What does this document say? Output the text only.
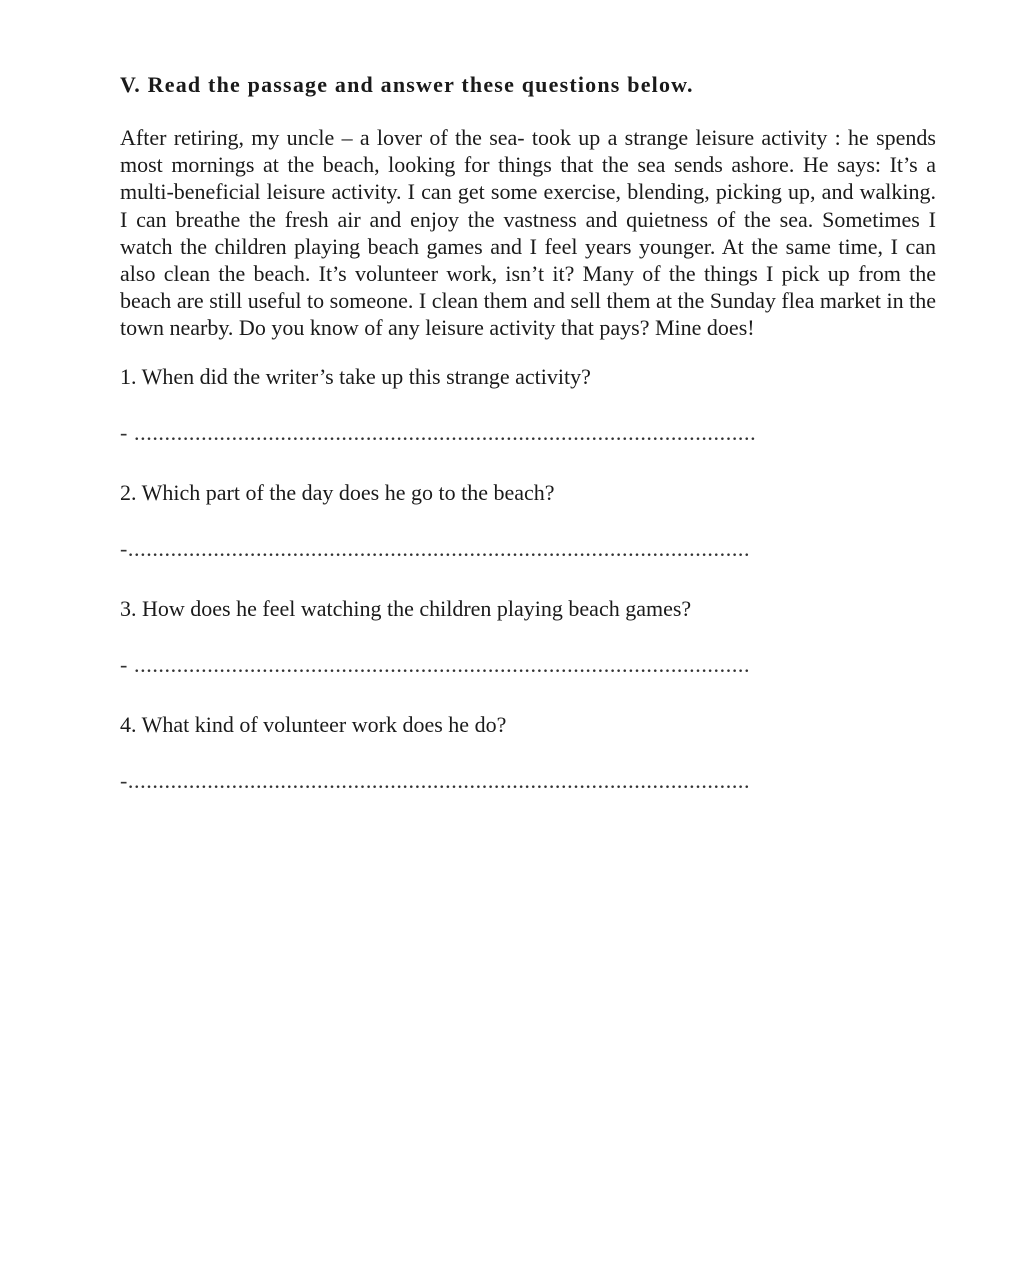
V. Read the passage and answer these questions below.

After retiring, my uncle – a lover of the sea- took up a strange leisure activity : he spends most mornings at the beach, looking for things that the sea sends ashore. He says: It’s a multi-beneficial leisure activity. I can get some exercise, blending, picking up, and walking. I can breathe the fresh air and enjoy the vastness and quietness of the sea. Sometimes I watch the children playing beach games and I feel years younger. At the same time, I can also clean the beach. It’s volunteer work, isn’t it? Many of the things I pick up from the beach are still useful to someone. I clean them and sell them at the Sunday flea market in the town nearby. Do you know of any leisure activity that pays? Mine does!

1. When did the writer’s take up this strange activity?

- ......................................................................................................

2. Which part of the day does he go to the beach?

-......................................................................................................

3. How does he feel watching the children playing beach games?

- .....................................................................................................

4. What kind of volunteer work does he do?

-......................................................................................................
